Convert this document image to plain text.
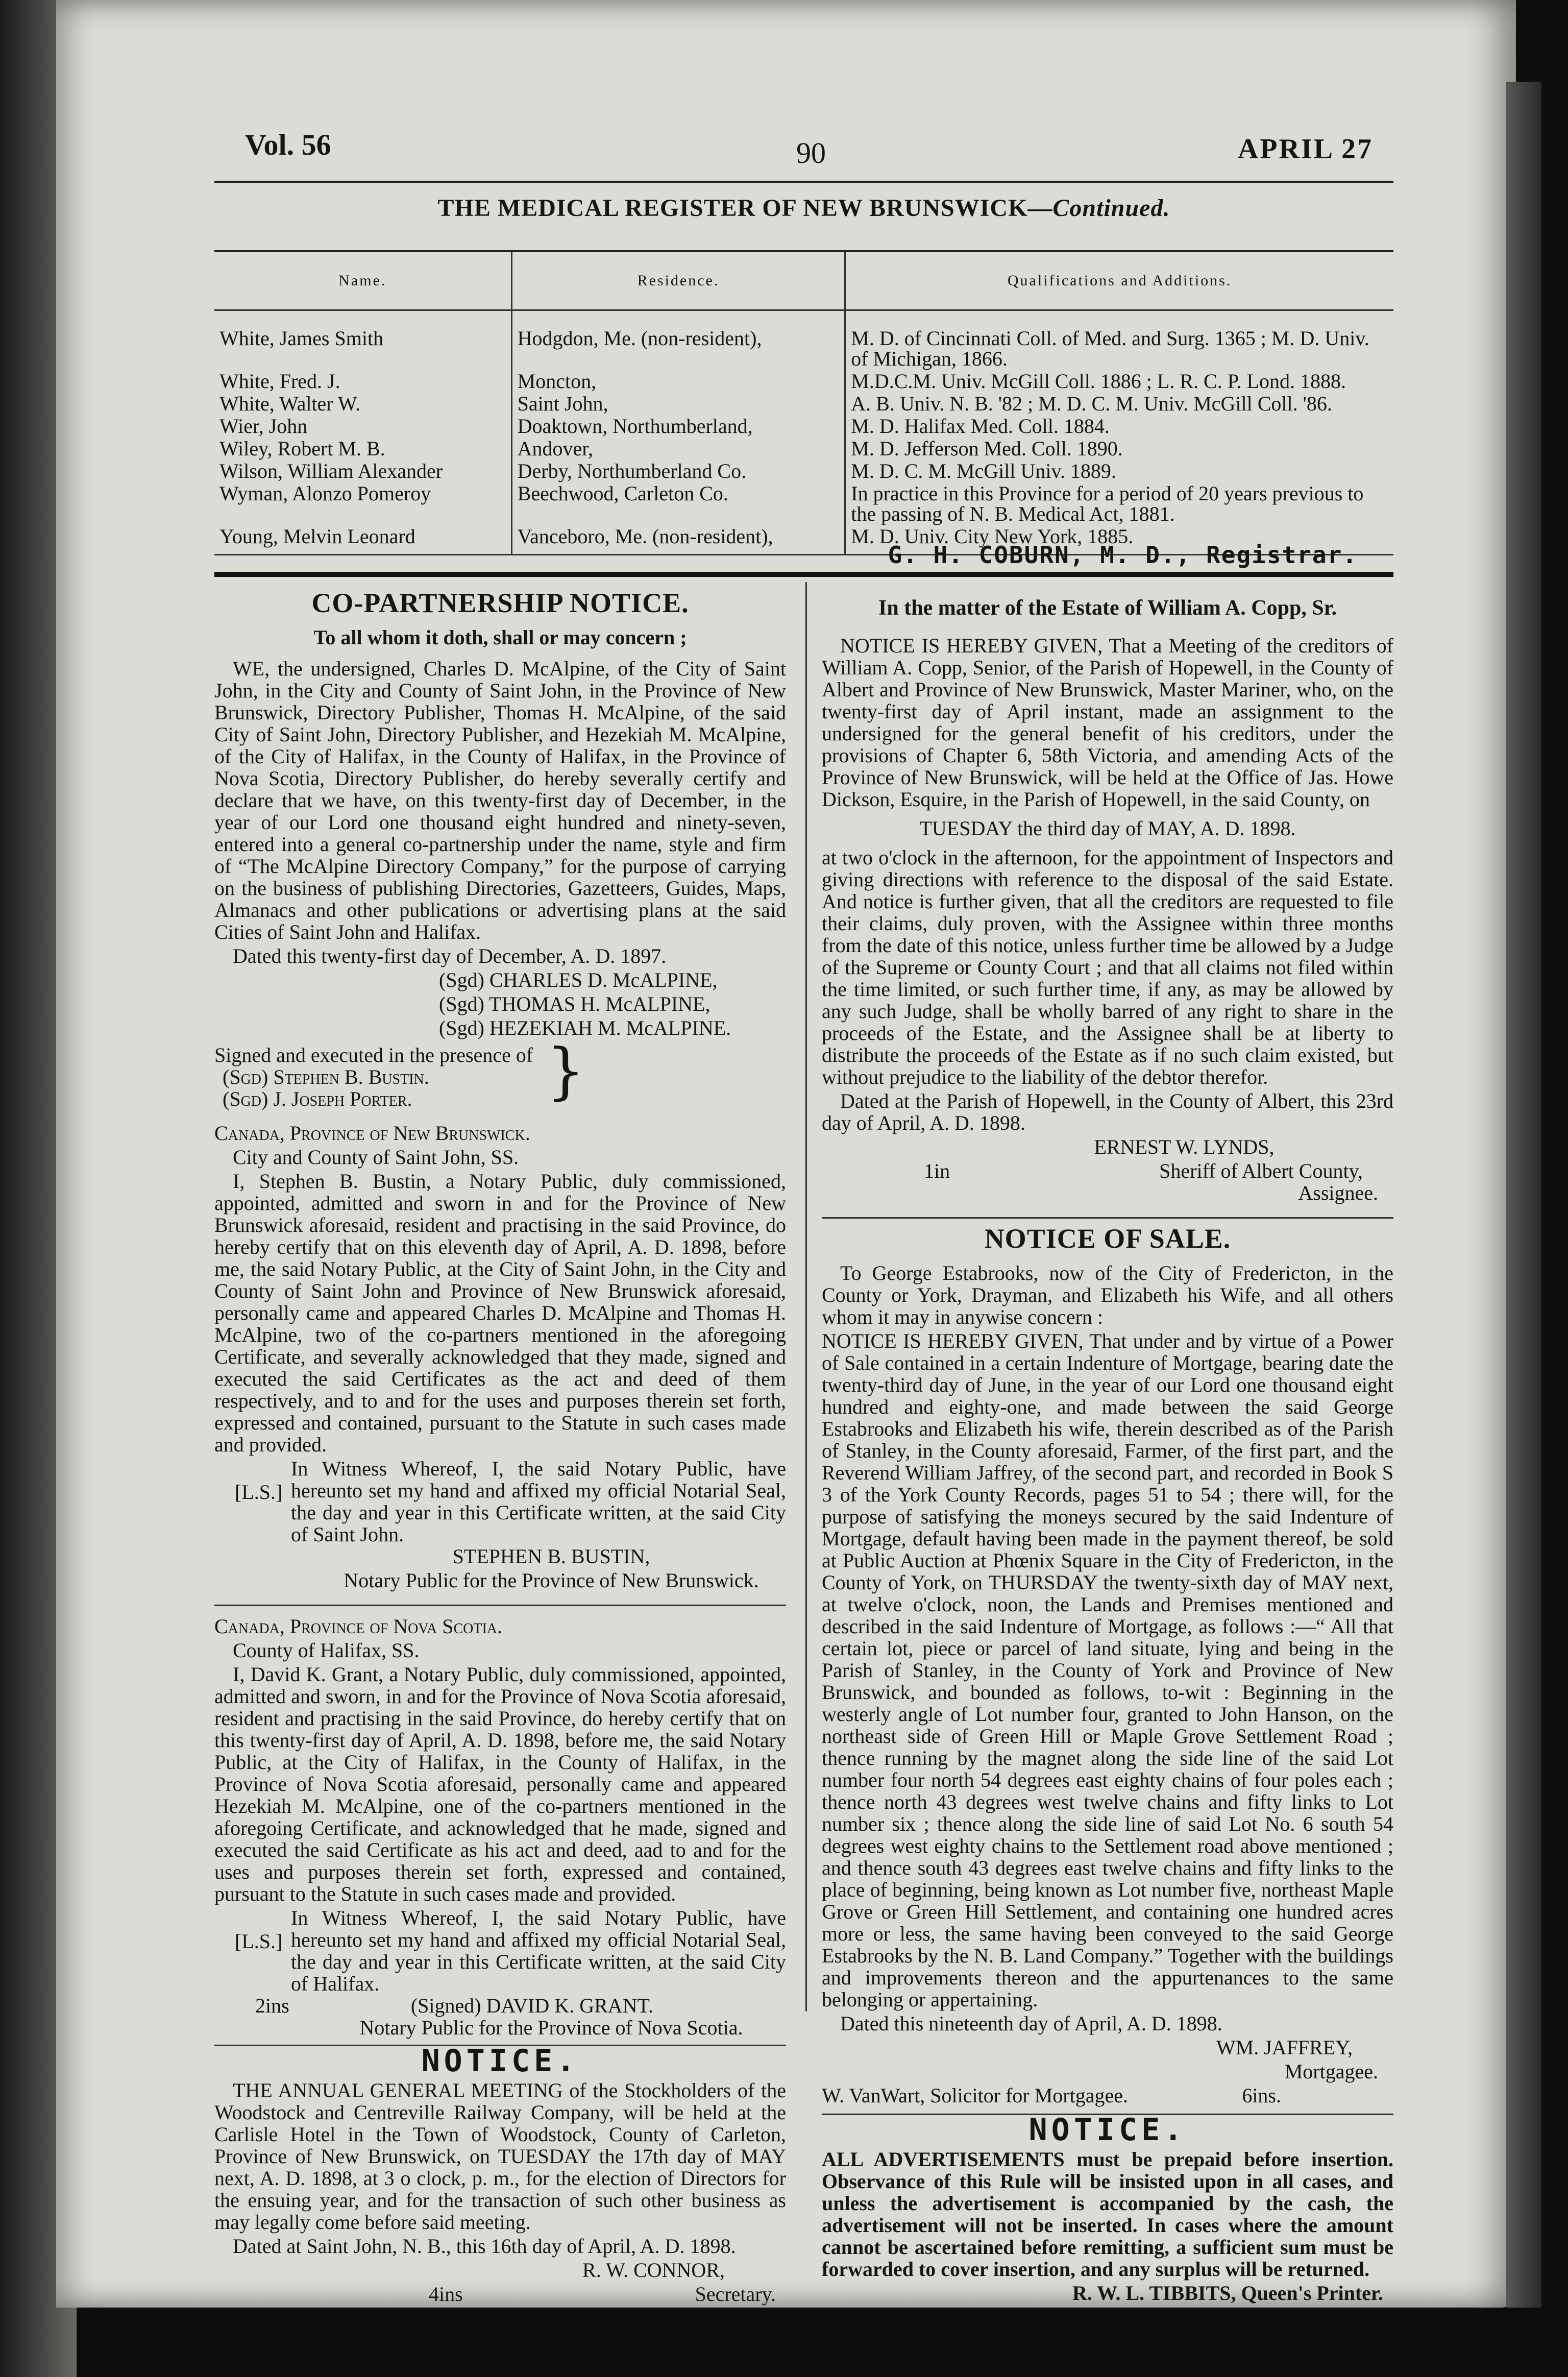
Vol. 56	90	APRIL 27
THE MEDICAL REGISTER OF NEW BRUNSWICK—Continued.
Name.	Residence.	Qualifications and Additions.
White, James Smith	Hodgdon, Me. (non-resident),	M. D. of Cincinnati Coll. of Med. and Surg. 1365 ; M. D. Univ. of Michigan, 1866.
White, Fred. J.	Moncton,	M.D.C.M. Univ. McGill Coll. 1886 ; L. R. C. P. Lond. 1888.
White, Walter W.	Saint John,	A. B. Univ. N. B. '82 ; M. D. C. M. Univ. McGill Coll. '86.
Wier, John	Doaktown, Northumberland,	M. D. Halifax Med. Coll. 1884.
Wiley, Robert M. B.	Andover,	M. D. Jefferson Med. Coll. 1890.
Wilson, William Alexander	Derby, Northumberland Co.	M. D. C. M. McGill Univ. 1889.
Wyman, Alonzo Pomeroy	Beechwood, Carleton Co.	In practice in this Province for a period of 20 years previous to the passing of N. B. Medical Act, 1881.
Young, Melvin Leonard	Vanceboro, Me. (non-resident),	M. D. Univ. City New York, 1885.
G. H. COBURN, M. D., Registrar.
CO-PARTNERSHIP NOTICE.
To all whom it doth, shall or may concern ;

WE, the undersigned, Charles D. McAlpine, of the City of Saint John, in the City and County of Saint John, in the Province of New Brunswick, Directory Publisher, Thomas H. McAlpine, of the said City of Saint John, Directory Publisher, and Hezekiah M. McAlpine, of the City of Halifax, in the County of Halifax, in the Province of Nova Scotia, Directory Publisher, do hereby severally certify and declare that we have, on this twenty-first day of December, in the year of our Lord one thousand eight hundred and ninety-seven, entered into a general co-partnership under the name, style and firm of “The McAlpine Directory Company,” for the purpose of carrying on the business of publishing Directories, Gazetteers, Guides, Maps, Almanacs and other publications or advertising plans at the said Cities of Saint John and Halifax.

Dated this twenty-first day of December, A. D. 1897.

(Sgd) CHARLES D. McALPINE,

(Sgd) THOMAS H. McALPINE,

(Sgd) HEZEKIAH M. McALPINE.

Signed and executed in the presence of
(Sgd) Stephen B. Bustin.
(Sgd) J. Joseph Porter.	}

Canada, Province of New Brunswick.

City and County of Saint John, SS.

I, Stephen B. Bustin, a Notary Public, duly commissioned, appointed, admitted and sworn in and for the Province of New Brunswick aforesaid, resident and practising in the said Province, do hereby certify that on this eleventh day of April, A. D. 1898, before me, the said Notary Public, at the City of Saint John, in the City and County of Saint John and Province of New Brunswick aforesaid, personally came and appeared Charles D. McAlpine and Thomas H. McAlpine, two of the co-partners mentioned in the aforegoing Certificate, and severally acknowledged that they made, signed and executed the said Certificates as the act and deed of them respectively, and to and for the uses and purposes therein set forth, expressed and contained, pursuant to the Statute in such cases made and provided.

[L.S.]
In Witness Whereof, I, the said Notary Public, have hereunto set my hand and affixed my official Notarial Seal, the day and year in this Certificate written, at the said City of Saint John.

STEPHEN B. BUSTIN,

Notary Public for the Province of New Brunswick.

Canada, Province of Nova Scotia.

County of Halifax, SS.

I, David K. Grant, a Notary Public, duly commissioned, appointed, admitted and sworn, in and for the Province of Nova Scotia aforesaid, resident and practising in the said Province, do hereby certify that on this twenty-first day of April, A. D. 1898, before me, the said Notary Public, at the City of Halifax, in the County of Halifax, in the Province of Nova Scotia aforesaid, personally came and appeared Hezekiah M. McAlpine, one of the co-partners mentioned in the aforegoing Certificate, and acknowledged that he made, signed and executed the said Certificate as his act and deed, aad to and for the uses and purposes therein set forth, expressed and contained, pursuant to the Statute in such cases made and provided.

[L.S.]
In Witness Whereof, I, the said Notary Public, have hereunto set my hand and affixed my official Notarial Seal, the day and year in this Certificate written, at the said City of Halifax.
2ins	(Signed) DAVID K. GRANT.

Notary Public for the Province of Nova Scotia.

NOTICE.

THE ANNUAL GENERAL MEETING of the Stockholders of the Woodstock and Centreville Railway Company, will be held at the Carlisle Hotel in the Town of Woodstock, County of Carleton, Province of New Brunswick, on TUESDAY the 17th day of MAY next, A. D. 1898, at 3 o clock, p. m., for the election of Directors for the ensuing year, and for the transaction of such other business as may legally come before said meeting.

Dated at Saint John, N. B., this 16th day of April, A. D. 1898.

R. W. CONNOR,

4ins	Secretary.
In the matter of the Estate of William A. Copp, Sr.

NOTICE IS HEREBY GIVEN, That a Meeting of the creditors of William A. Copp, Senior, of the Parish of Hopewell, in the County of Albert and Province of New Brunswick, Master Mariner, who, on the twenty-first day of April instant, made an assignment to the undersigned for the general benefit of his creditors, under the provisions of Chapter 6, 58th Victoria, and amending Acts of the Province of New Brunswick, will be held at the Office of Jas. Howe Dickson, Esquire, in the Parish of Hopewell, in the said County, on

TUESDAY the third day of MAY, A. D. 1898.

at two o'clock in the afternoon, for the appointment of Inspectors and giving directions with reference to the disposal of the said Estate. And notice is further given, that all the creditors are requested to file their claims, duly proven, with the Assignee within three months from the date of this notice, unless further time be allowed by a Judge of the Supreme or County Court ; and that all claims not filed within the time limited, or such further time, if any, as may be allowed by any such Judge, shall be wholly barred of any right to share in the proceeds of the Estate, and the Assignee shall be at liberty to distribute the proceeds of the Estate as if no such claim existed, but without prejudice to the liability of the debtor therefor.

Dated at the Parish of Hopewell, in the County of Albert, this 23rd day of April, A. D. 1898.

ERNEST W. LYNDS,

1in	Sheriff of Albert County,

Assignee.

NOTICE OF SALE.

To George Estabrooks, now of the City of Fredericton, in the County or York, Drayman, and Elizabeth his Wife, and all others whom it may in anywise concern :

NOTICE IS HEREBY GIVEN, That under and by virtue of a Power of Sale contained in a certain Indenture of Mortgage, bearing date the twenty-third day of June, in the year of our Lord one thousand eight hundred and eighty-one, and made between the said George Estabrooks and Elizabeth his wife, therein described as of the Parish of Stanley, in the County aforesaid, Farmer, of the first part, and the Reverend William Jaffrey, of the second part, and recorded in Book S 3 of the York County Records, pages 51 to 54 ; there will, for the purpose of satisfying the moneys secured by the said Indenture of Mortgage, default having been made in the payment thereof, be sold at Public Auction at Phœnix Square in the City of Fredericton, in the County of York, on THURSDAY the twenty-sixth day of MAY next, at twelve o'clock, noon, the Lands and Premises mentioned and described in the said Indenture of Mortgage, as follows :—“ All that certain lot, piece or parcel of land situate, lying and being in the Parish of Stanley, in the County of York and Province of New Brunswick, and bounded as follows, to-wit : Beginning in the westerly angle of Lot number four, granted to John Hanson, on the northeast side of Green Hill or Maple Grove Settlement Road ; thence running by the magnet along the side line of the said Lot number four north 54 degrees east eighty chains of four poles each ; thence north 43 degrees west twelve chains and fifty links to Lot number six ; thence along the side line of said Lot No. 6 south 54 degrees west eighty chains to the Settlement road above mentioned ; and thence south 43 degrees east twelve chains and fifty links to the place of beginning, being known as Lot number five, northeast Maple Grove or Green Hill Settlement, and containing one hundred acres more or less, the same having been conveyed to the said George Estabrooks by the N. B. Land Company.” Together with the buildings and improvements thereon and the appurtenances to the same belonging or appertaining.

Dated this nineteenth day of April, A. D. 1898.

WM. JAFFREY,

Mortgagee.

W. VanWart, Solicitor for Mortgagee.	6ins.
NOTICE.

ALL ADVERTISEMENTS must be prepaid before insertion. Observance of this Rule will be insisted upon in all cases, and unless the advertisement is accompanied by the cash, the advertisement will not be inserted. In cases where the amount cannot be ascertained before remitting, a sufficient sum must be forwarded to cover insertion, and any surplus will be returned.

R. W. L. TIBBITS, Queen's Printer.
